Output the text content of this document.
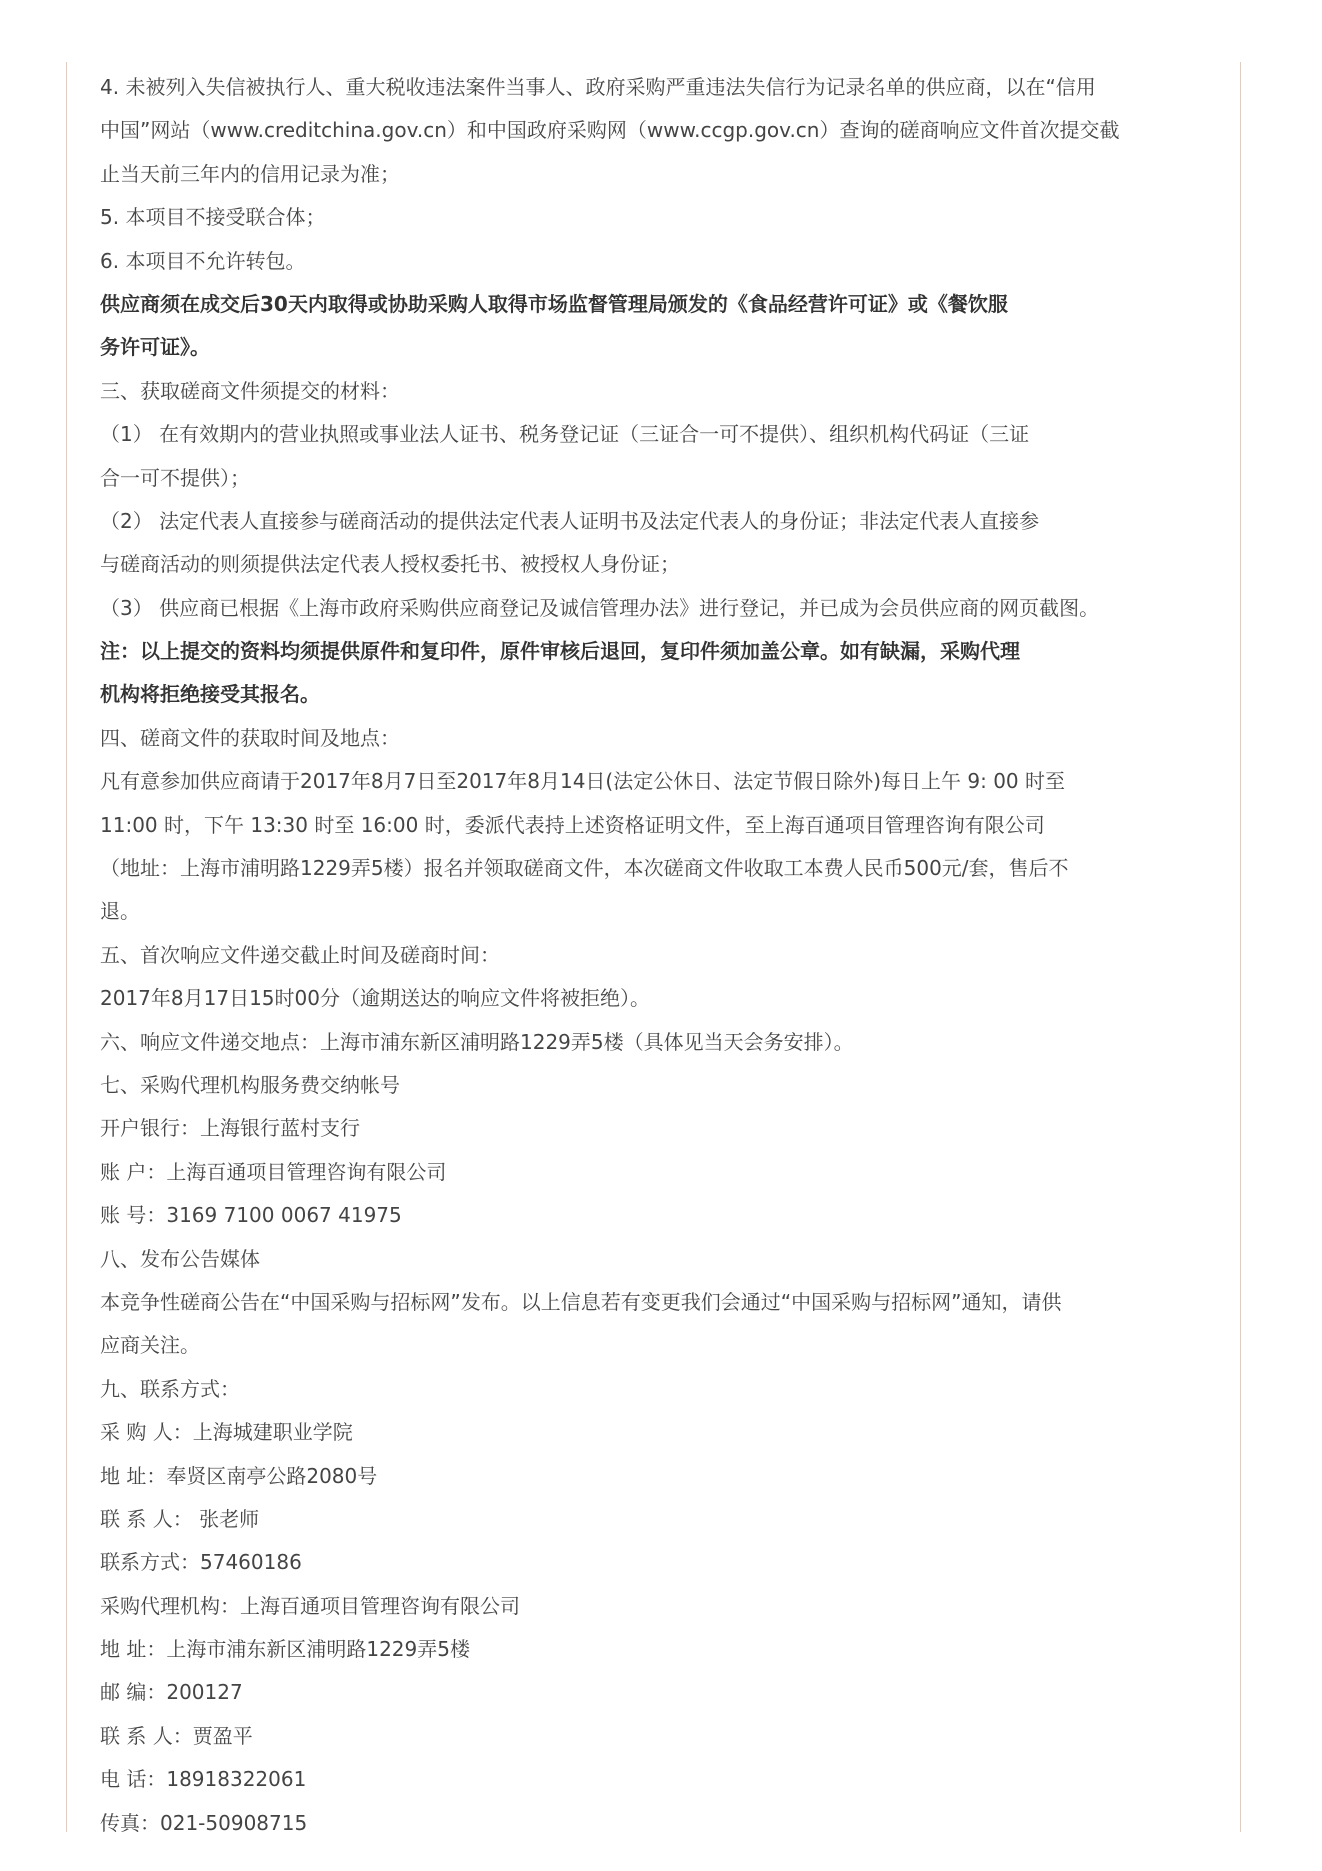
4. 未被列入失信被执行人、重大税收违法案件当事人、政府采购严重违法失信行为记录名单的供应商，以在“信用
中国”网站（www.creditchina.gov.cn）和中国政府采购网（www.ccgp.gov.cn）查询的磋商响应文件首次提交截
止当天前三年内的信用记录为准；
5. 本项目不接受联合体；
6. 本项目不允许转包。
供应商须在成交后30天内取得或协助采购人取得市场监督管理局颁发的《食品经营许可证》或《餐饮服
务许可证》。
三、获取磋商文件须提交的材料：
（1） 在有效期内的营业执照或事业法人证书、税务登记证（三证合一可不提供）、组织机构代码证（三证
合一可不提供）；
（2） 法定代表人直接参与磋商活动的提供法定代表人证明书及法定代表人的身份证；非法定代表人直接参
与磋商活动的则须提供法定代表人授权委托书、被授权人身份证；
（3） 供应商已根据《上海市政府采购供应商登记及诚信管理办法》进行登记，并已成为会员供应商的网页截图。
注：以上提交的资料均须提供原件和复印件，原件审核后退回，复印件须加盖公章。如有缺漏，采购代理
机构将拒绝接受其报名。
四、磋商文件的获取时间及地点：
凡有意参加供应商请于2017年8月7日至2017年8月14日(法定公休日、法定节假日除外)每日上午 9: 00 时至
11:00 时，下午 13:30 时至 16:00 时，委派代表持上述资格证明文件，至上海百通项目管理咨询有限公司
（地址：上海市浦明路1229弄5楼）报名并领取磋商文件，本次磋商文件收取工本费人民币500元/套，售后不
退。
五、首次响应文件递交截止时间及磋商时间：
2017年8月17日15时00分（逾期送达的响应文件将被拒绝）。
六、响应文件递交地点：上海市浦东新区浦明路1229弄5楼（具体见当天会务安排）。
七、采购代理机构服务费交纳帐号
开户银行：上海银行蓝村支行
账 户：上海百通项目管理咨询有限公司
账 号：3169 7100 0067 41975
八、发布公告媒体
本竞争性磋商公告在“中国采购与招标网”发布。以上信息若有变更我们会通过“中国采购与招标网”通知，请供
应商关注。
九、联系方式：
采 购 人：上海城建职业学院
地 址：奉贤区南亭公路2080号
联 系 人： 张老师
联系方式：57460186
采购代理机构：上海百通项目管理咨询有限公司
地 址：上海市浦东新区浦明路1229弄5楼
邮 编：200127
联 系 人：贾盈平
电 话：18918322061
传真：021-50908715
